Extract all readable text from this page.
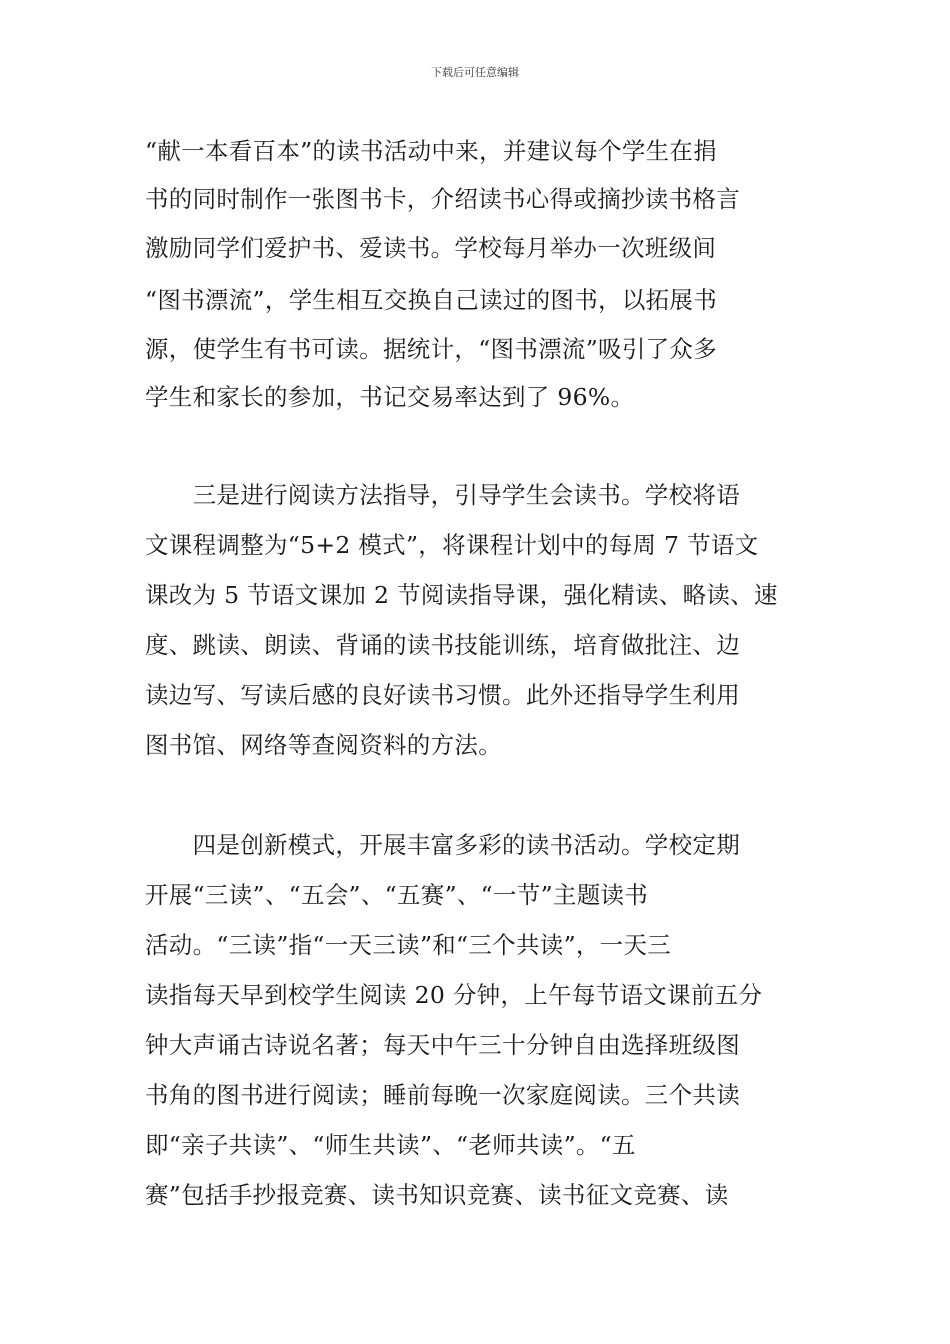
下载后可任意编辑
“献一本看百本”的读书活动中来，并建议每个学生在捐
书的同时制作一张图书卡，介绍读书心得或摘抄读书格言
激励同学们爱护书、爱读书。学校每月举办一次班级间
“图书漂流”，学生相互交换自己读过的图书，以拓展书
源，使学生有书可读。据统计，“图书漂流”吸引了众多
学生和家长的参加，书记交易率达到了 96%。
　　三是进行阅读方法指导，引导学生会读书。学校将语
文课程调整为“5+2 模式”，将课程计划中的每周 7 节语文
课改为 5 节语文课加 2 节阅读指导课，强化精读、略读、速
度、跳读、朗读、背诵的读书技能训练，培育做批注、边
读边写、写读后感的良好读书习惯。此外还指导学生利用
图书馆、网络等查阅资料的方法。
　　四是创新模式，开展丰富多彩的读书活动。学校定期
开展“三读”、“五会”、“五赛”、“一节”主题读书
活动。“三读”指“一天三读”和“三个共读”，一天三
读指每天早到校学生阅读 20 分钟，上午每节语文课前五分
钟大声诵古诗说名著；每天中午三十分钟自由选择班级图
书角的图书进行阅读；睡前每晚一次家庭阅读。三个共读
即“亲子共读”、“师生共读”、“老师共读”。“五
赛”包括手抄报竞赛、读书知识竞赛、读书征文竞赛、读
